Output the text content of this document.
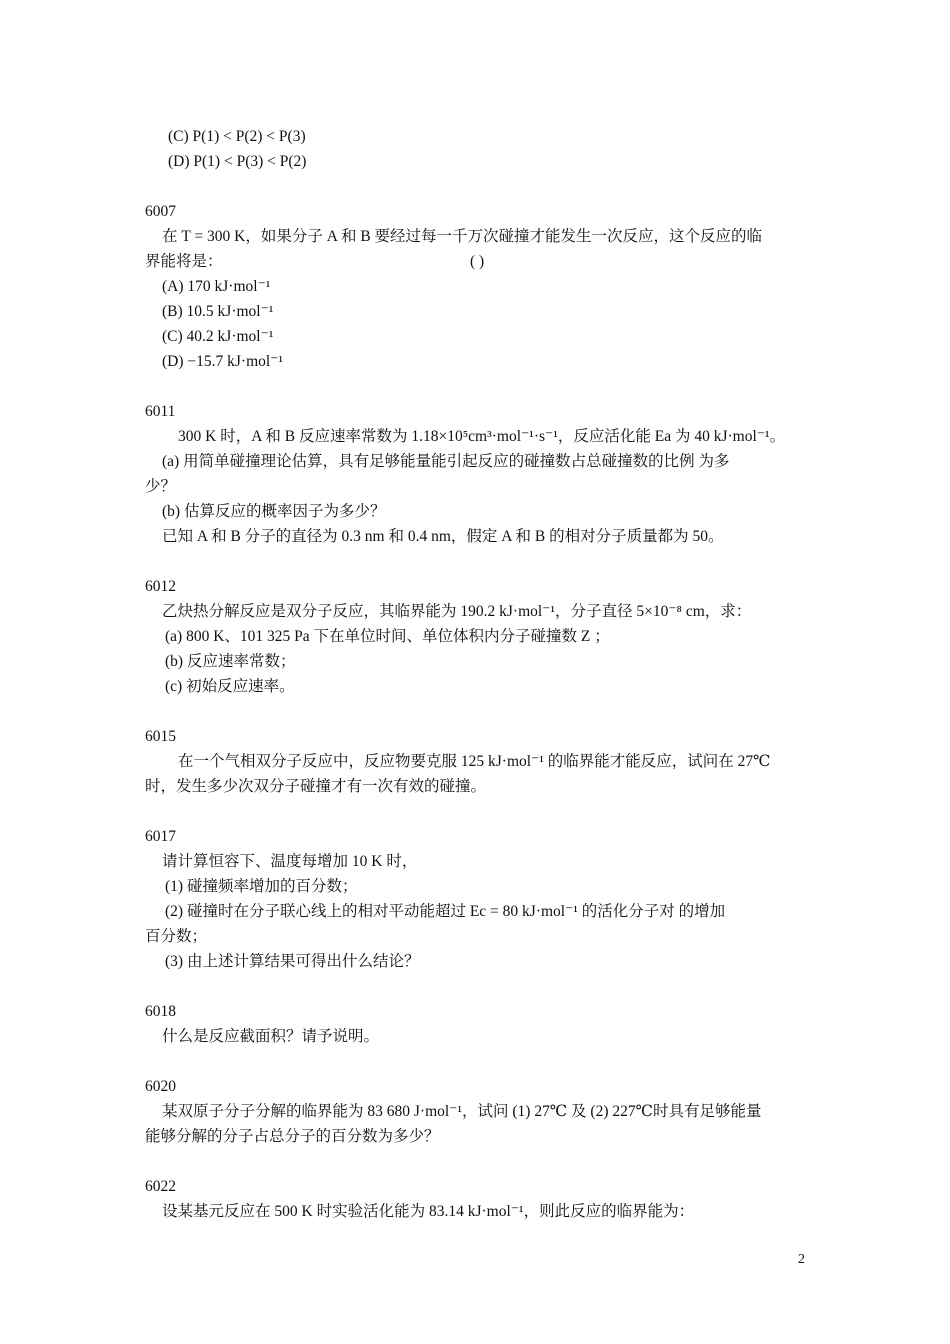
(C) P(1) < P(2) < P(3)
(D) P(1) < P(3) < P(2)
6007
在 T = 300 K，如果分子 A 和 B 要经过每一千万次碰撞才能发生一次反应，这个反应的临
界能将是：	( )
(A) 170 kJ·mol⁻¹
(B) 10.5 kJ·mol⁻¹
(C) 40.2 kJ·mol⁻¹
(D) −15.7 kJ·mol⁻¹
6011
300 K 时，A 和 B 反应速率常数为 1.18×10⁵cm³·mol⁻¹·s⁻¹，反应活化能 Ea 为 40 kJ·mol⁻¹。
(a) 用简单碰撞理论估算，具有足够能量能引起反应的碰撞数占总碰撞数的比例 为多
少？
(b) 估算反应的概率因子为多少？
已知 A 和 B 分子的直径为 0.3 nm 和 0.4 nm，假定 A 和 B 的相对分子质量都为 50。
6012
乙炔热分解反应是双分子反应，其临界能为 190.2 kJ·mol⁻¹，分子直径 5×10⁻⁸ cm，求：
(a) 800 K、101 325 Pa 下在单位时间、单位体积内分子碰撞数 Z ；
(b) 反应速率常数；
(c) 初始反应速率。
6015
在一个气相双分子反应中，反应物要克服 125 kJ·mol⁻¹ 的临界能才能反应，试问在 27℃
时，发生多少次双分子碰撞才有一次有效的碰撞。
6017
请计算恒容下、温度每增加 10 K 时，
(1) 碰撞频率增加的百分数；
(2) 碰撞时在分子联心线上的相对平动能超过 Ec = 80 kJ·mol⁻¹ 的活化分子对 的增加
百分数；
(3) 由上述计算结果可得出什么结论？
6018
什么是反应截面积？请予说明。
6020
某双原子分子分解的临界能为 83 680 J·mol⁻¹，试问 (1) 27℃ 及 (2) 227℃时具有足够能量
能够分解的分子占总分子的百分数为多少？
6022
设某基元反应在 500 K 时实验活化能为 83.14 kJ·mol⁻¹，则此反应的临界能为：
2
